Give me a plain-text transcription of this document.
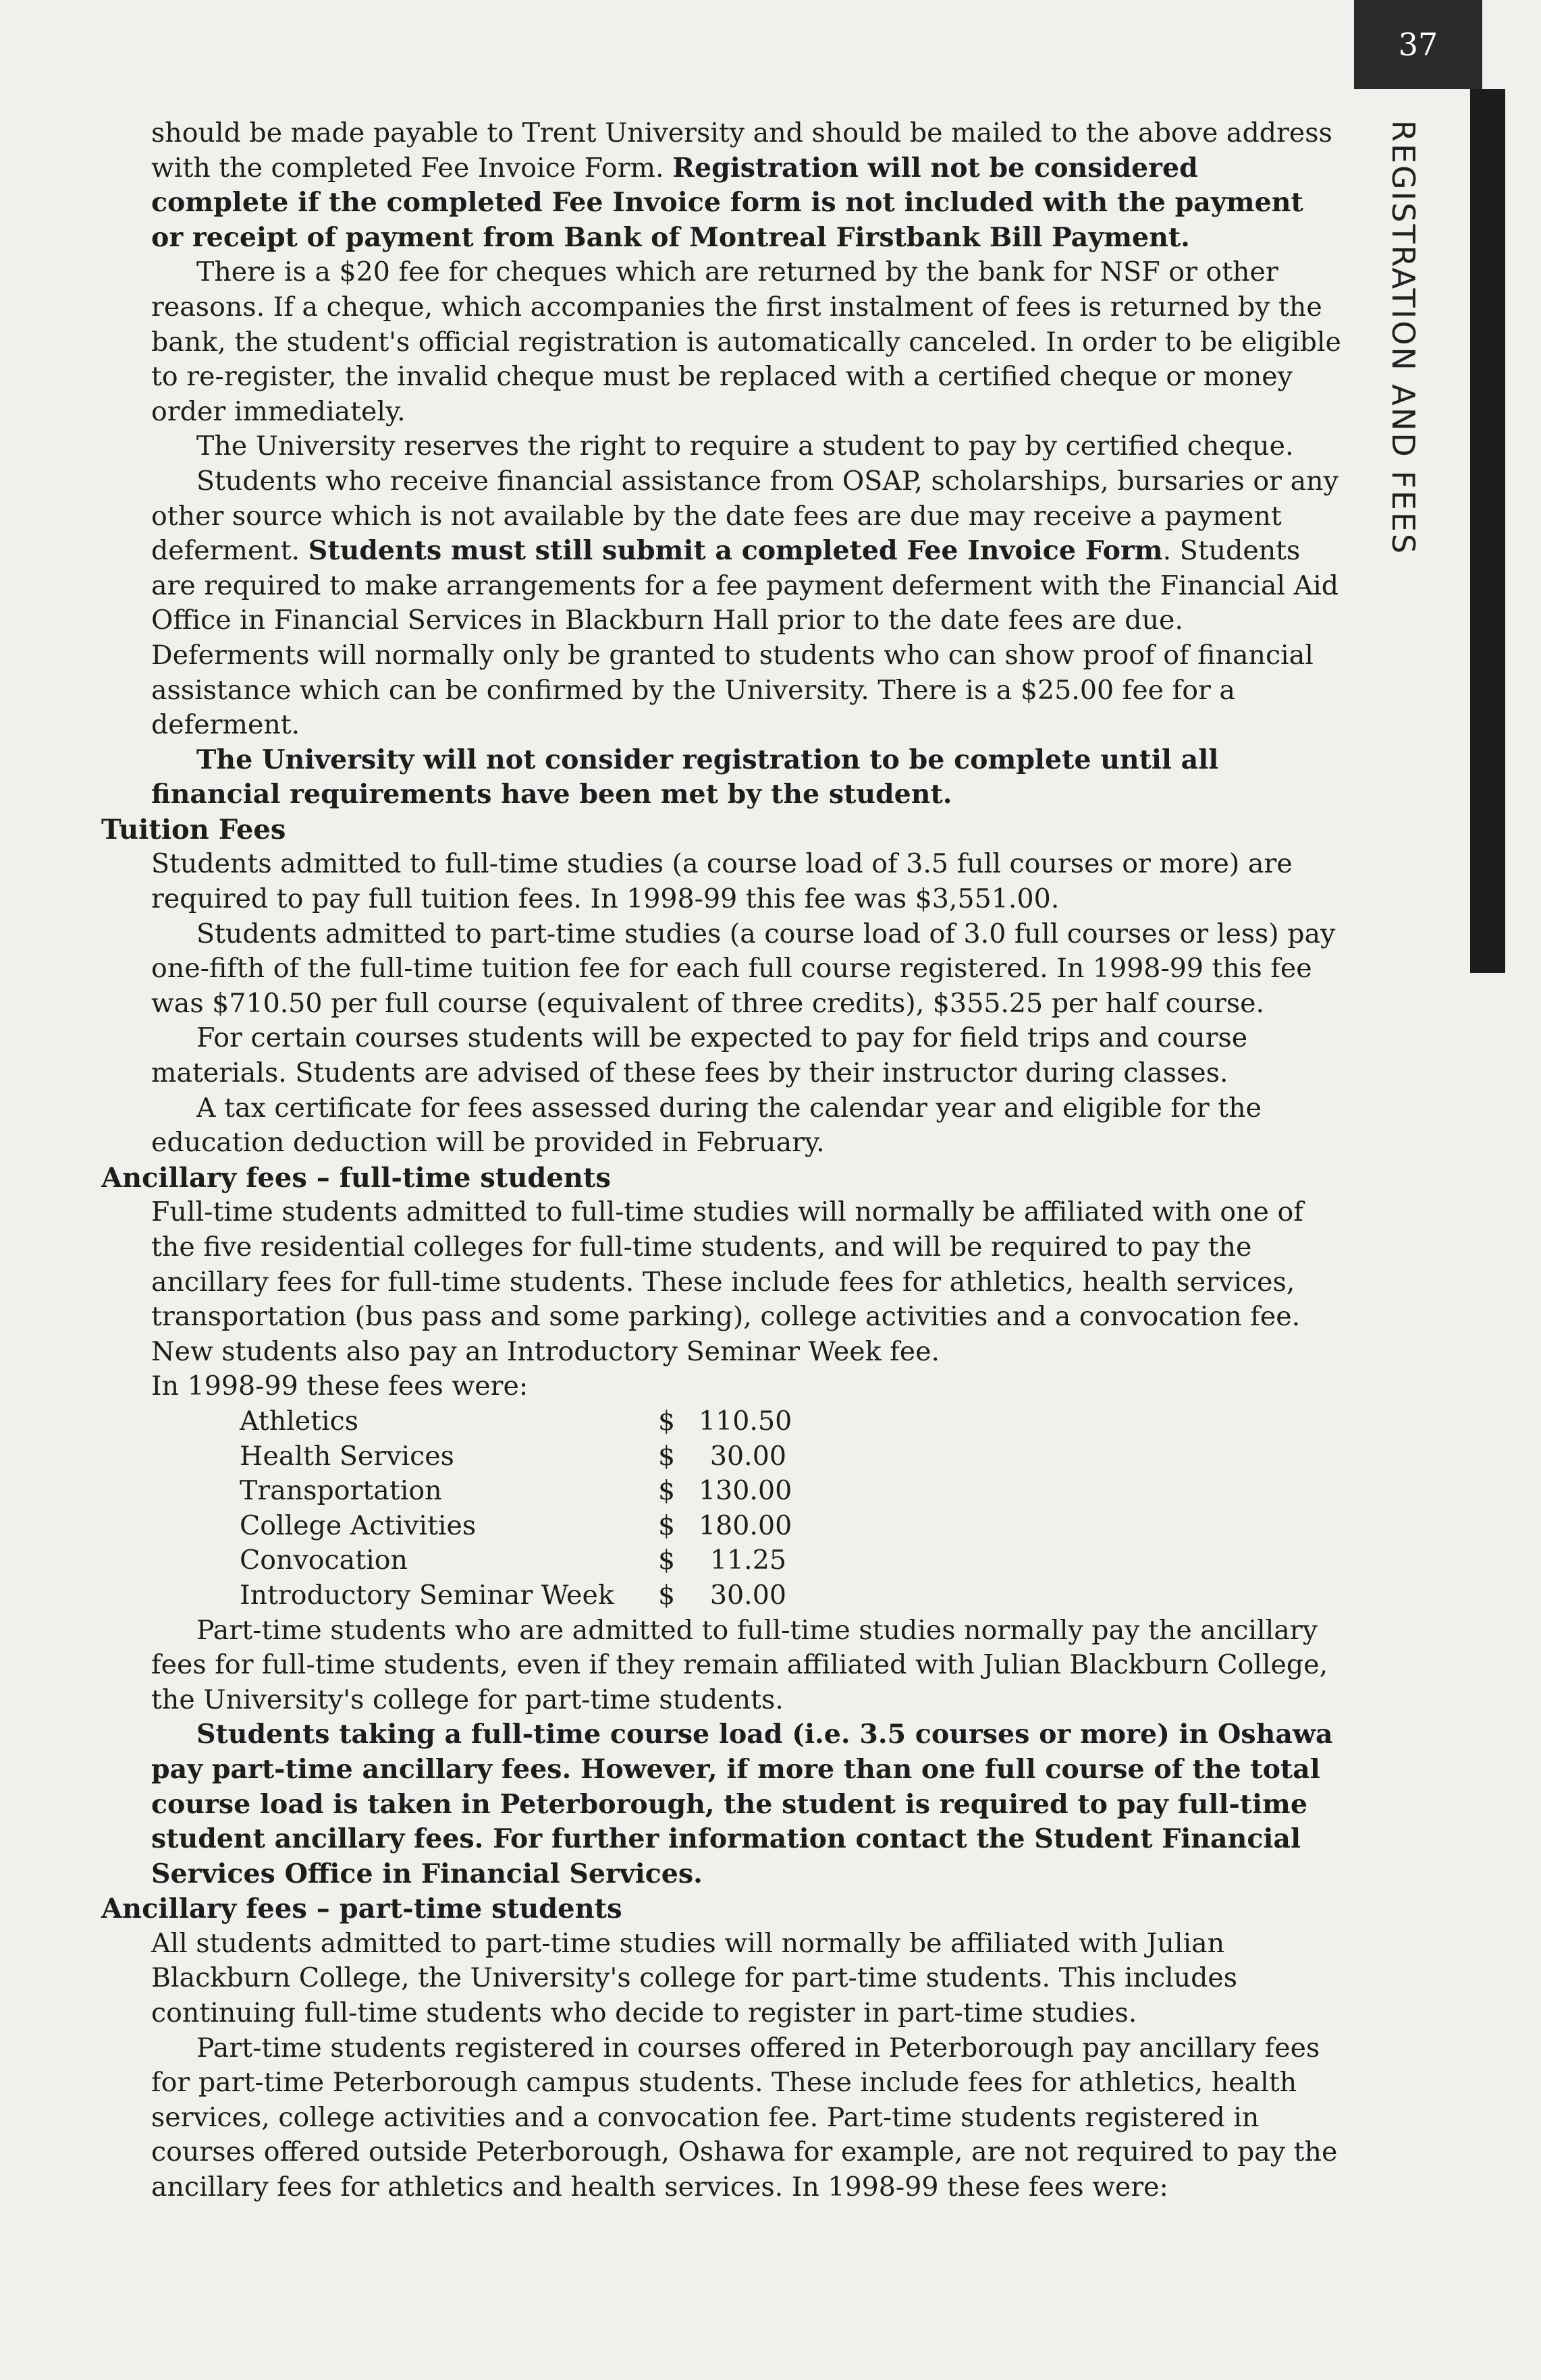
37
REGISTRATION AND FEES

should be made payable to Trent University and should be mailed to the above address with the completed Fee Invoice Form. Registration will not be considered complete if the completed Fee Invoice form is not included with the payment or receipt of payment from Bank of Montreal Firstbank Bill Payment.

There is a $20 fee for cheques which are returned by the bank for NSF or other reasons. If a cheque, which accompanies the first instalment of fees is returned by the bank, the student's official registration is automatically canceled. In order to be eligible to re-register, the invalid cheque must be replaced with a certified cheque or money order immediately.

The University reserves the right to require a student to pay by certified cheque.

Students who receive financial assistance from OSAP, scholarships, bursaries or any other source which is not available by the date fees are due may receive a payment deferment. Students must still submit a completed Fee Invoice Form. Students are required to make arrangements for a fee payment deferment with the Financial Aid Office in Financial Services in Blackburn Hall prior to the date fees are due. Deferments will normally only be granted to students who can show proof of financial assistance which can be confirmed by the University. There is a $25.00 fee for a deferment.

The University will not consider registration to be complete until all financial requirements have been met by the student.

Tuition Fees

Students admitted to full-time studies (a course load of 3.5 full courses or more) are required to pay full tuition fees. In 1998-99 this fee was $3,551.00.

Students admitted to part-time studies (a course load of 3.0 full courses or less) pay one-fifth of the full-time tuition fee for each full course registered. In 1998-99 this fee was $710.50 per full course (equivalent of three credits), $355.25 per half course.

For certain courses students will be expected to pay for field trips and course materials. Students are advised of these fees by their instructor during classes.

A tax certificate for fees assessed during the calendar year and eligible for the education deduction will be provided in February.

Ancillary fees – full-time students

Full-time students admitted to full-time studies will normally be affiliated with one of the five residential colleges for full-time students, and will be required to pay the ancillary fees for full-time students. These include fees for athletics, health services, transportation (bus pass and some parking), college activities and a convocation fee. New students also pay an Introductory Seminar Week fee.

In 1998-99 these fees were:

Athletics	$ 110.50
Health Services	$	30.00
Transportation	$ 130.00
College Activities	$ 180.00
Convocation	$	11.25
Introductory Seminar Week	$	30.00

Part-time students who are admitted to full-time studies normally pay the ancillary fees for full-time students, even if they remain affiliated with Julian Blackburn College, the University's college for part-time students.

Students taking a full-time course load (i.e. 3.5 courses or more) in Oshawa pay part-time ancillary fees. However, if more than one full course of the total course load is taken in Peterborough, the student is required to pay full-time student ancillary fees. For further information contact the Student Financial Services Office in Financial Services.

Ancillary fees – part-time students

All students admitted to part-time studies will normally be affiliated with Julian Blackburn College, the University's college for part-time students. This includes continuing full-time students who decide to register in part-time studies.

Part-time students registered in courses offered in Peterborough pay ancillary fees for part-time Peterborough campus students. These include fees for athletics, health services, college activities and a convocation fee. Part-time students registered in courses offered outside Peterborough, Oshawa for example, are not required to pay the ancillary fees for athletics and health services. In 1998-99 these fees were:
